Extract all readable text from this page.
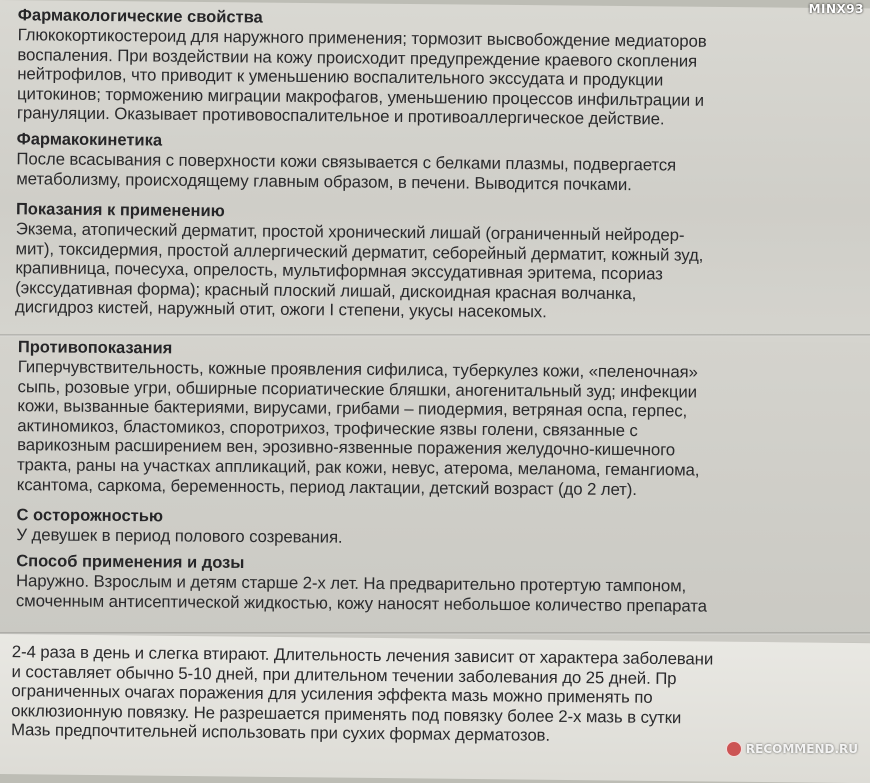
Фармакологические свойства

Глюкокортикостероид для наружного применения; тормозит высвобождение медиаторов

воспаления. При воздействии на кожу происходит предупреждение краевого скопления

нейтрофилов, что приводит к уменьшению воспалительного экссудата и продукции

цитокинов; торможению миграции макрофагов, уменьшению процессов инфильтрации и

грануляции. Оказывает противовоспалительное и противоаллергическое действие.

Фармакокинетика

После всасывания с поверхности кожи связывается с белками плазмы, подвергается

метаболизму, происходящему главным образом, в печени. Выводится почками.

Показания к применению

Экзема, атопический дерматит, простой хронический лишай (ограниченный нейродер-

мит), токсидермия, простой аллергический дерматит, себорейный дерматит, кожный зуд,

крапивница, почесуха, опрелость, мультиформная экссудативная эритема, псориаз

(экссудативная форма); красный плоский лишай, дискоидная красная волчанка,

дисгидроз кистей, наружный отит, ожоги I степени, укусы насекомых.

Противопоказания

Гиперчувствительность, кожные проявления сифилиса, туберкулез кожи, «пеленочная»

сыпь, розовые угри, обширные псориатические бляшки, аногенитальный зуд; инфекции

кожи, вызванные бактериями, вирусами, грибами – пиодермия, ветряная оспа, герпес,

актиномикоз, бластомикоз, споротрихоз, трофические язвы голени, связанные с

варикозным расширением вен, эрозивно-язвенные поражения желудочно-кишечного

тракта, раны на участках аппликаций, рак кожи, невус, атерома, меланома, гемангиома,

ксантома, саркома, беременность, период лактации, детский возраст (до 2 лет).

С осторожностью

У девушек в период полового созревания.

Способ применения и дозы

Наружно. Взрослым и детям старше 2-х лет. На предварительно протертую тампоном,

смоченным антисептической жидкостью, кожу наносят небольшое количество препарата

2-4 раза в день и слегка втирают. Длительность лечения зависит от характера заболевани

и составляет обычно 5-10 дней, при длительном течении заболевания до 25 дней. Пр

ограниченных очагах поражения для усиления эффекта мазь можно применять по

окклюзионную повязку. Не разрешается применять под повязку более 2-х мазь в сутки

Мазь предпочтительней использовать при сухих формах дерматозов.

MINX93
RECOMMEND.RU
